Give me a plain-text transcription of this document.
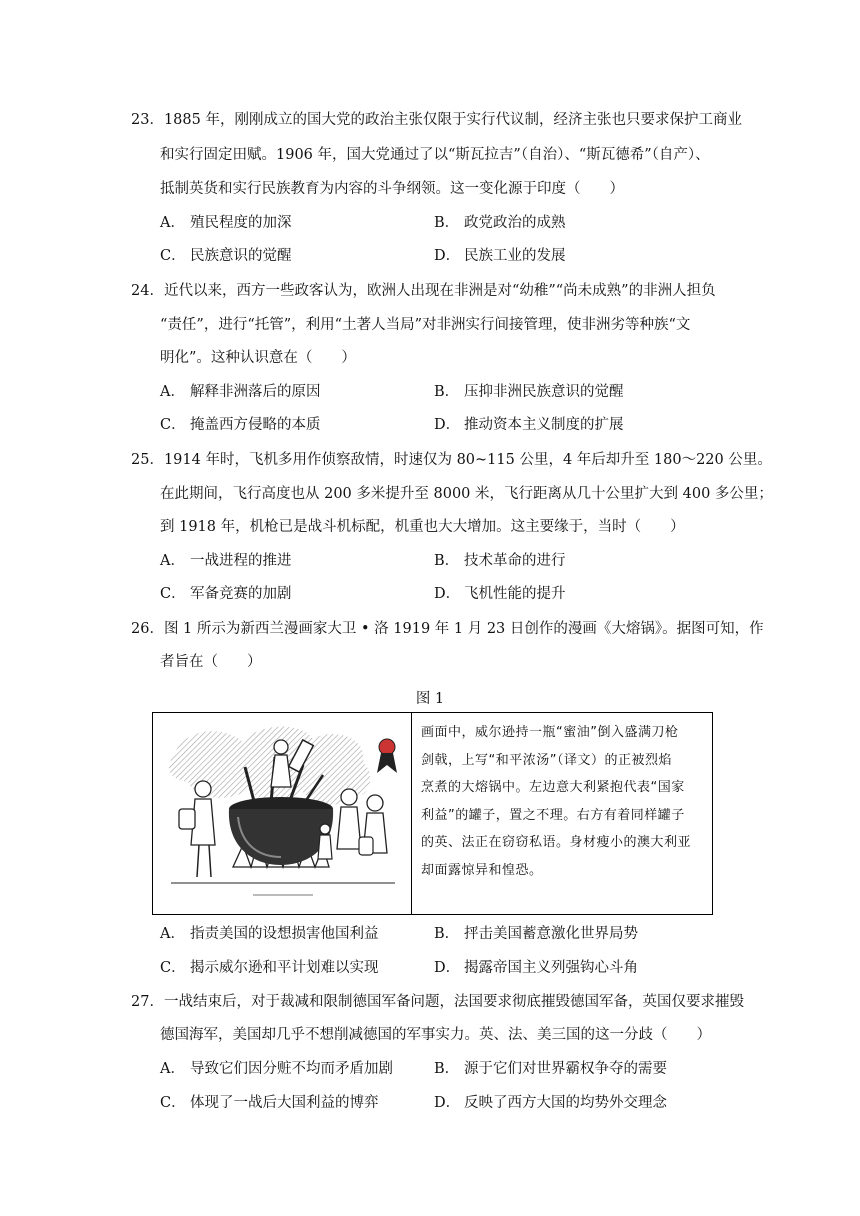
23．1885 年，刚刚成立的国大党的政治主张仅限于实行代议制，经济主张也只要求保护工商业
和实行固定田赋。1906 年，国大党通过了以“斯瓦拉吉”（自治）、“斯瓦德希”（自产）、
抵制英货和实行民族教育为内容的斗争纲领。这一变化源于印度（　　）
A． 殖民程度的加深	B． 政党政治的成熟
C． 民族意识的觉醒	D． 民族工业的发展
24．近代以来，西方一些政客认为，欧洲人出现在非洲是对“幼稚”“尚未成熟”的非洲人担负
“责任”，进行“托管”，利用“土著人当局”对非洲实行间接管理，使非洲劣等种族“文
明化”。这种认识意在（　　）
A． 解释非洲落后的原因	B． 压抑非洲民族意识的觉醒
C． 掩盖西方侵略的本质	D． 推动资本主义制度的扩展
25．1914 年时，飞机多用作侦察敌情，时速仅为 80~115 公里，4 年后却升至 180～220 公里。
在此期间，飞行高度也从 200 多米提升至 8000 米，飞行距离从几十公里扩大到 400 多公里；
到 1918 年，机枪已是战斗机标配，机重也大大增加。这主要缘于，当时（　　）
A． 一战进程的推进	B． 技术革命的进行
C． 军备竞赛的加剧	D． 飞机性能的提升
26．图 1 所示为新西兰漫画家大卫 • 洛 1919 年 1 月 23 日创作的漫画《大熔锅》。据图可知，作
者旨在（　　）
图 1
画面中，威尔逊持一瓶“蜜油”倒入盛满刀枪
剑戟，上写“和平浓汤”（译文）的正被烈焰
烹煮的大熔锅中。左边意大利紧抱代表“国家
利益”的罐子，置之不理。右方有着同样罐子
的英、法正在窃窃私语。身材瘦小的澳大利亚
却面露惊异和惶恐。
A． 指责美国的设想损害他国利益	B． 抨击美国蓄意激化世界局势
C． 揭示威尔逊和平计划难以实现	D． 揭露帝国主义列强钩心斗角
27．一战结束后，对于裁减和限制德国军备问题，法国要求彻底摧毁德国军备，英国仅要求摧毁
德国海军，美国却几乎不想削减德国的军事实力。英、法、美三国的这一分歧（　　）
A． 导致它们因分赃不均而矛盾加剧	B． 源于它们对世界霸权争夺的需要
C． 体现了一战后大国利益的博弈	D． 反映了西方大国的均势外交理念
